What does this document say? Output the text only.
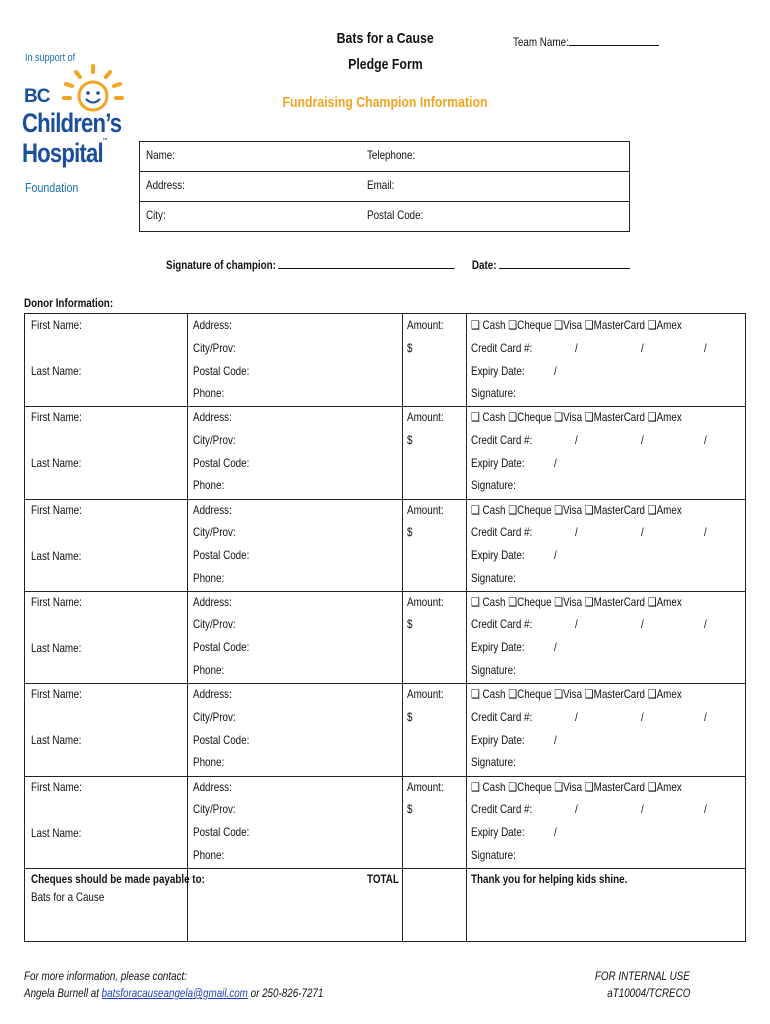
In support of
BC
Children’s
Hospital™
Foundation
Bats for a Cause
Pledge Form
Team Name:
Fundraising Champion Information
Name:	Telephone:
Address:	Email:
City:	Postal Code:
Signature of champion:	Date:
Donor Information:
First Name:
Last Name:
Address:
City/Prov:
Postal Code:
Phone:
Amount:
$
❑ Cash ❑Cheque ❑Visa ❑MasterCard ❑Amex
Credit Card #:	/	/	/
Expiry Date: /
Signature:
First Name:
Last Name:
Address:
City/Prov:
Postal Code:
Phone:
Amount:
$
❑ Cash ❑Cheque ❑Visa ❑MasterCard ❑Amex
Credit Card #:	/	/	/
Expiry Date: /
Signature:
First Name:
Last Name:
Address:
City/Prov:
Postal Code:
Phone:
Amount:
$
❑ Cash ❑Cheque ❑Visa ❑MasterCard ❑Amex
Credit Card #:	/	/	/
Expiry Date: /
Signature:
First Name:
Last Name:
Address:
City/Prov:
Postal Code:
Phone:
Amount:
$
❑ Cash ❑Cheque ❑Visa ❑MasterCard ❑Amex
Credit Card #:	/	/	/
Expiry Date: /
Signature:
First Name:
Last Name:
Address:
City/Prov:
Postal Code:
Phone:
Amount:
$
❑ Cash ❑Cheque ❑Visa ❑MasterCard ❑Amex
Credit Card #:	/	/	/
Expiry Date: /
Signature:
First Name:
Last Name:
Address:
City/Prov:
Postal Code:
Phone:
Amount:
$
❑ Cash ❑Cheque ❑Visa ❑MasterCard ❑Amex
Credit Card #:	/	/	/
Expiry Date: /
Signature:
Cheques should be made payable to:
Bats for a Cause
TOTAL	Thank you for helping kids shine.
For more information, please contact:
Angela Burnell at batsforacauseangela@gmail.com or 250-826-7271
FOR INTERNAL USE
aT10004/TCRECO
